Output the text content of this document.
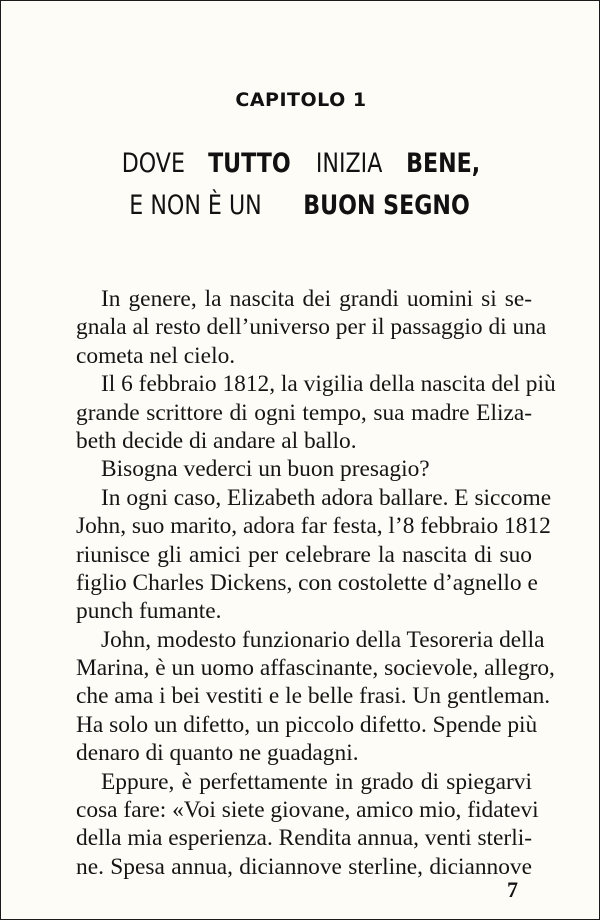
CAPITOLO 1
DOVE TUTTO INIZIA BENE,
E NON È UN BUON SEGNO
In genere, la nascita dei grandi uomini si se-
gnala al resto dell’universo per il passaggio di una
cometa nel cielo.
Il 6 febbraio 1812, la vigilia della nascita del più
grande scrittore di ogni tempo, sua madre Eliza-
beth decide di andare al ballo.
Bisogna vederci un buon presagio?
In ogni caso, Elizabeth adora ballare. E siccome
John, suo marito, adora far festa, l’8 febbraio 1812
riunisce gli amici per celebrare la nascita di suo
figlio Charles Dickens, con costolette d’agnello e
punch fumante.
John, modesto funzionario della Tesoreria della
Marina, è un uomo affascinante, socievole, allegro,
che ama i bei vestiti e le belle frasi. Un gentleman.
Ha solo un difetto, un piccolo difetto. Spende più
denaro di quanto ne guadagni.
Eppure, è perfettamente in grado di spiegarvi
cosa fare: «Voi siete giovane, amico mio, fidatevi
della mia esperienza. Rendita annua, venti sterli-
ne. Spesa annua, diciannove sterline, diciannove
7
